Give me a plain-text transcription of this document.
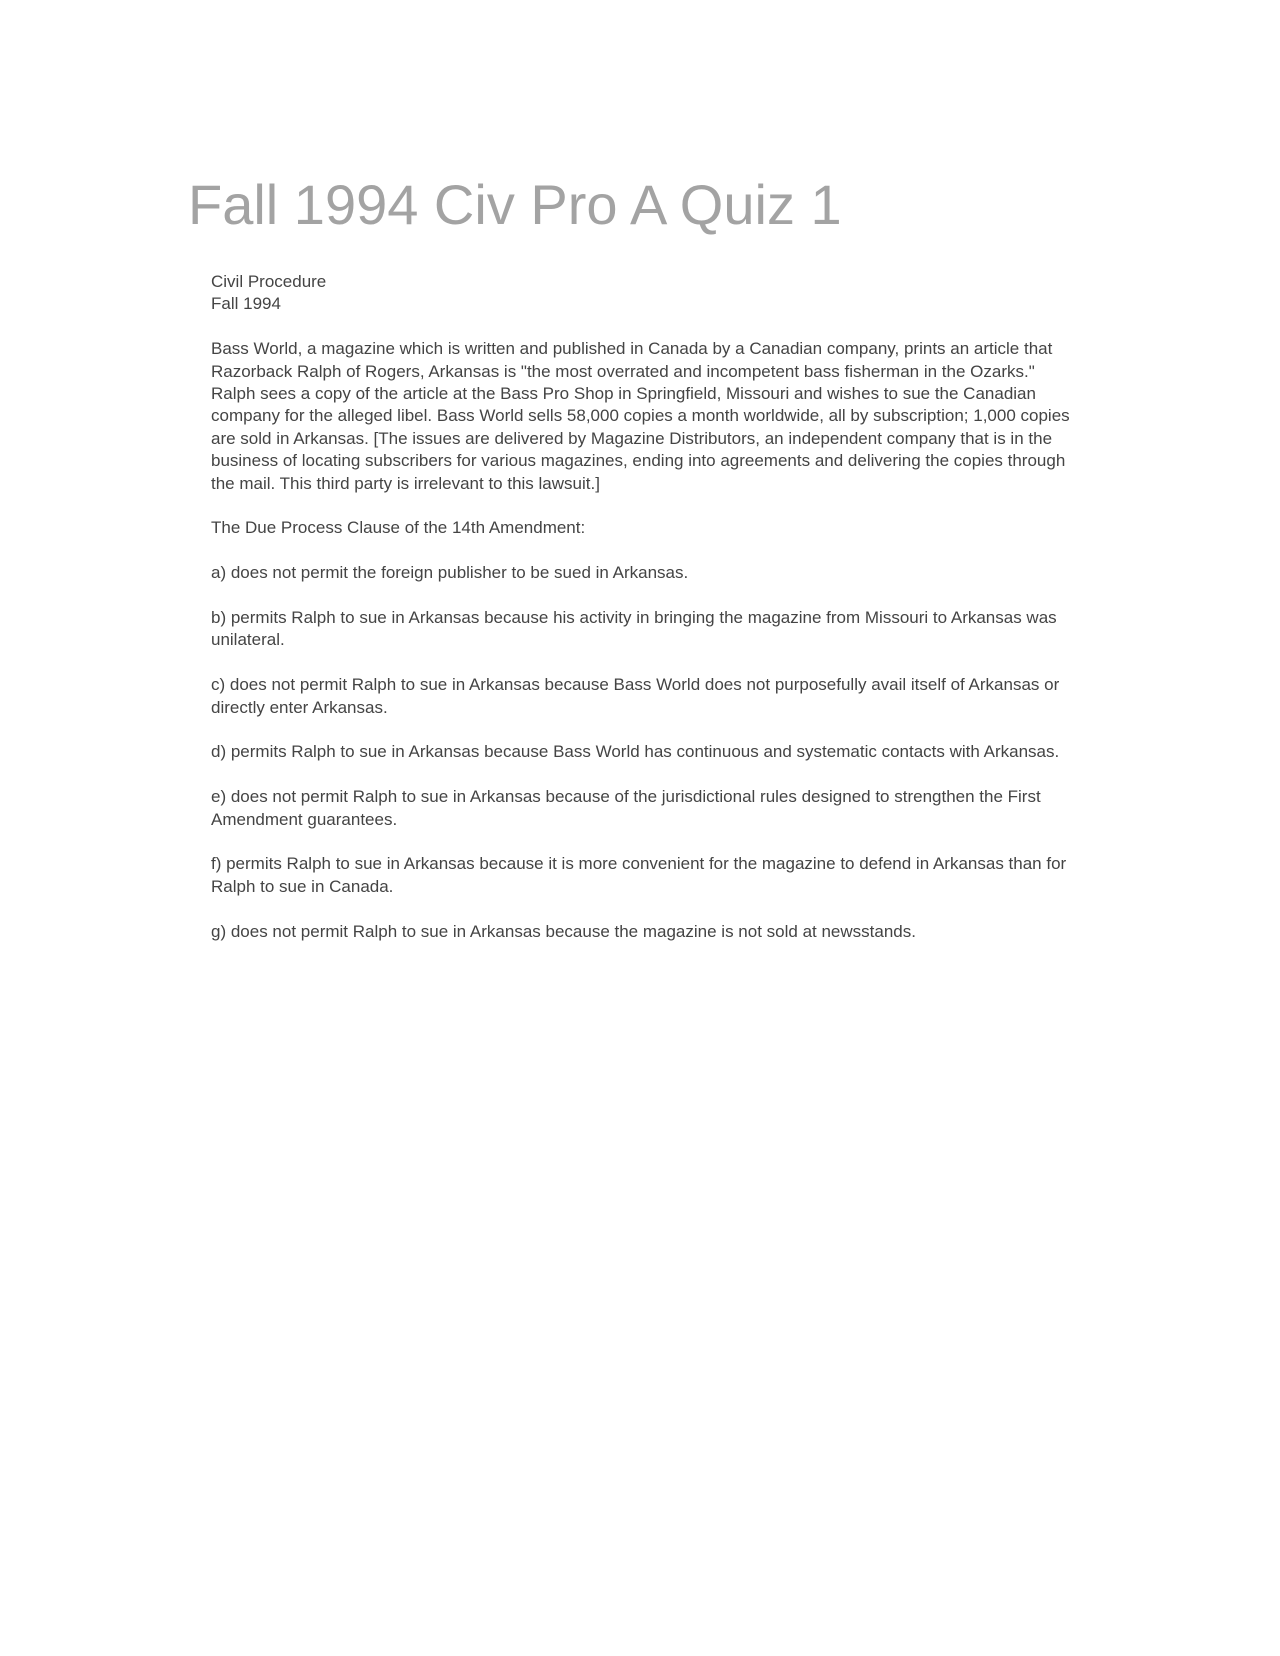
Fall 1994 Civ Pro A Quiz 1

Civil Procedure

Fall 1994

Bass World, a magazine which is written and published in Canada by a Canadian company, prints an article that Razorback Ralph of Rogers, Arkansas is "the most overrated and incompetent bass fisherman in the Ozarks." Ralph sees a copy of the article at the Bass Pro Shop in Springfield, Missouri and wishes to sue the Canadian company for the alleged libel. Bass World sells 58,000 copies a month worldwide, all by subscription; 1,000 copies are sold in Arkansas. [The issues are delivered by Magazine Distributors, an independent company that is in the business of locating subscribers for various magazines, ending into agreements and delivering the copies through the mail. This third party is irrelevant to this lawsuit.]

The Due Process Clause of the 14th Amendment:

a) does not permit the foreign publisher to be sued in Arkansas.

b) permits Ralph to sue in Arkansas because his activity in bringing the magazine from Missouri to Arkansas was unilateral.

c) does not permit Ralph to sue in Arkansas because Bass World does not purposefully avail itself of Arkansas or directly enter Arkansas.

d) permits Ralph to sue in Arkansas because Bass World has continuous and systematic contacts with Arkansas.

e) does not permit Ralph to sue in Arkansas because of the jurisdictional rules designed to strengthen the First Amendment guarantees.

f) permits Ralph to sue in Arkansas because it is more convenient for the magazine to defend in Arkansas than for Ralph to sue in Canada.

g) does not permit Ralph to sue in Arkansas because the magazine is not sold at newsstands.
